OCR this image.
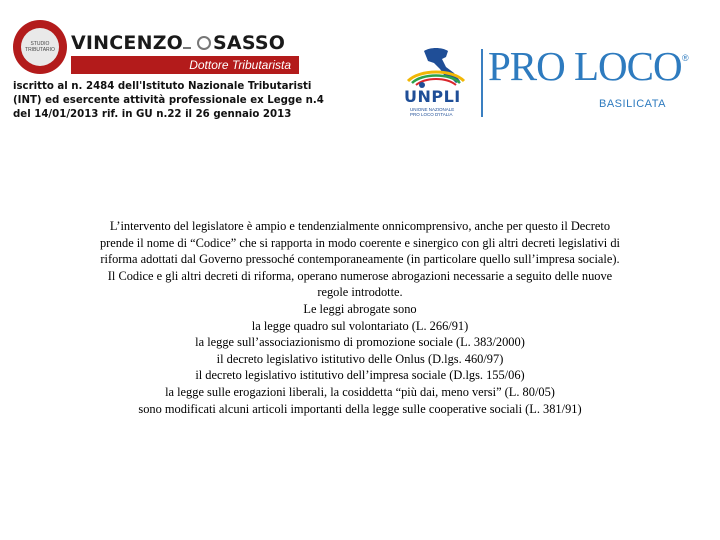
STUDIO
TRIBUTARIO VINCENZO SASSO
Dottore Tributarista
iscritto al n. 2484 dell'Istituto Nazionale Tributaristi
(INT) ed esercente attività professionale ex Legge n.4
del 14/01/2013 rif. in GU n.22 il 26 gennaio 2013
UNPLI
UNIONE NAZIONALE
PRO LOCO D'ITALIA
PRO LOCO ®
BASILICATA
L’intervento del legislatore è ampio e tendenzialmente onnicomprensivo, anche per questo il Decreto
prende il nome di “Codice” che si rapporta in modo coerente e sinergico con gli altri decreti legislativi di
riforma adottati dal Governo pressoché contemporaneamente (in particolare quello sull’impresa sociale).
Il Codice e gli altri decreti di riforma, operano numerose abrogazioni necessarie a seguito delle nuove
regole introdotte.
Le leggi abrogate sono
la legge quadro sul volontariato (L. 266/91)
la legge sull’associazionismo di promozione sociale (L. 383/2000)
il decreto legislativo istitutivo delle Onlus (D.lgs. 460/97)
il decreto legislativo istitutivo dell’impresa sociale (D.lgs. 155/06)
la legge sulle erogazioni liberali, la cosiddetta “più dai, meno versi” (L. 80/05)
sono modificati alcuni articoli importanti della legge sulle cooperative sociali (L. 381/91)
